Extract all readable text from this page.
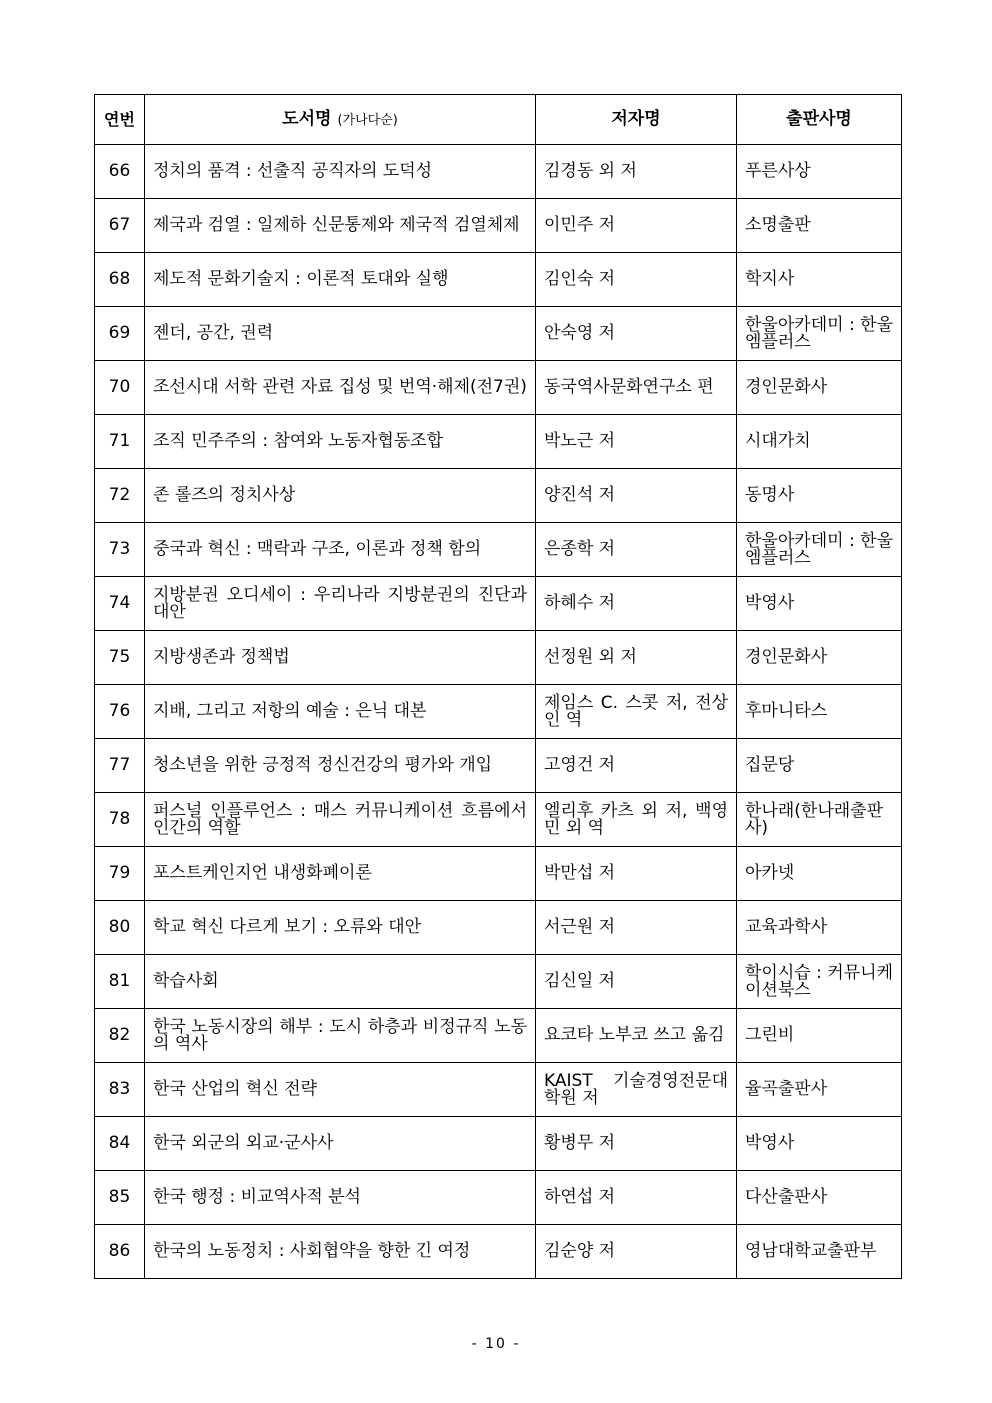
연번	도서명 (가나다순)	저자명	출판사명
66	정치의 품격 : 선출직 공직자의 도덕성	김경동 외 저	푸른사상
67	제국과 검열 : 일제하 신문통제와 제국적 검열체제	이민주 저	소명출판
68	제도적 문화기술지 : 이론적 토대와 실행	김인숙 저	학지사
69	젠더, 공간, 권력	안숙영 저	한울아카데미 : 한울엠플러스
70	조선시대 서학 관련 자료 집성 및 번역·해제(전7권)	동국역사문화연구소 편	경인문화사
71	조직 민주주의 : 참여와 노동자협동조합	박노근 저	시대가치
72	존 롤즈의 정치사상	양진석 저	동명사
73	중국과 혁신 : 맥락과 구조, 이론과 정책 함의	은종학 저	한울아카데미 : 한울엠플러스
74	지방분권 오디세이 : 우리나라 지방분권의 진단과 대안	하혜수 저	박영사
75	지방생존과 정책법	선정원 외 저	경인문화사
76	지배, 그리고 저항의 예술 : 은닉 대본	제임스 C. 스콧 저, 전상인 역	후마니타스
77	청소년을 위한 긍정적 정신건강의 평가와 개입	고영건 저	집문당
78	퍼스널 인플루언스 : 매스 커뮤니케이션 흐름에서 인간의 역할	엘리후 카츠 외 저, 백영민 외 역	한나래(한나래출판사)
79	포스트케인지언 내생화폐이론	박만섭 저	아카넷
80	학교 혁신 다르게 보기 : 오류와 대안	서근원 저	교육과학사
81	학습사회	김신일 저	학이시습 : 커뮤니케이션북스
82	한국 노동시장의 해부 : 도시 하층과 비정규직 노동의 역사	요코타 노부코 쓰고 옮김	그린비
83	한국 산업의 혁신 전략	KAIST 기술경영전문대학원 저	율곡출판사
84	한국 외군의 외교·군사사	황병무 저	박영사
85	한국 행정 : 비교역사적 분석	하연섭 저	다산출판사
86	한국의 노동정치 : 사회협약을 향한 긴 여정	김순양 저	영남대학교출판부
- 10 -
